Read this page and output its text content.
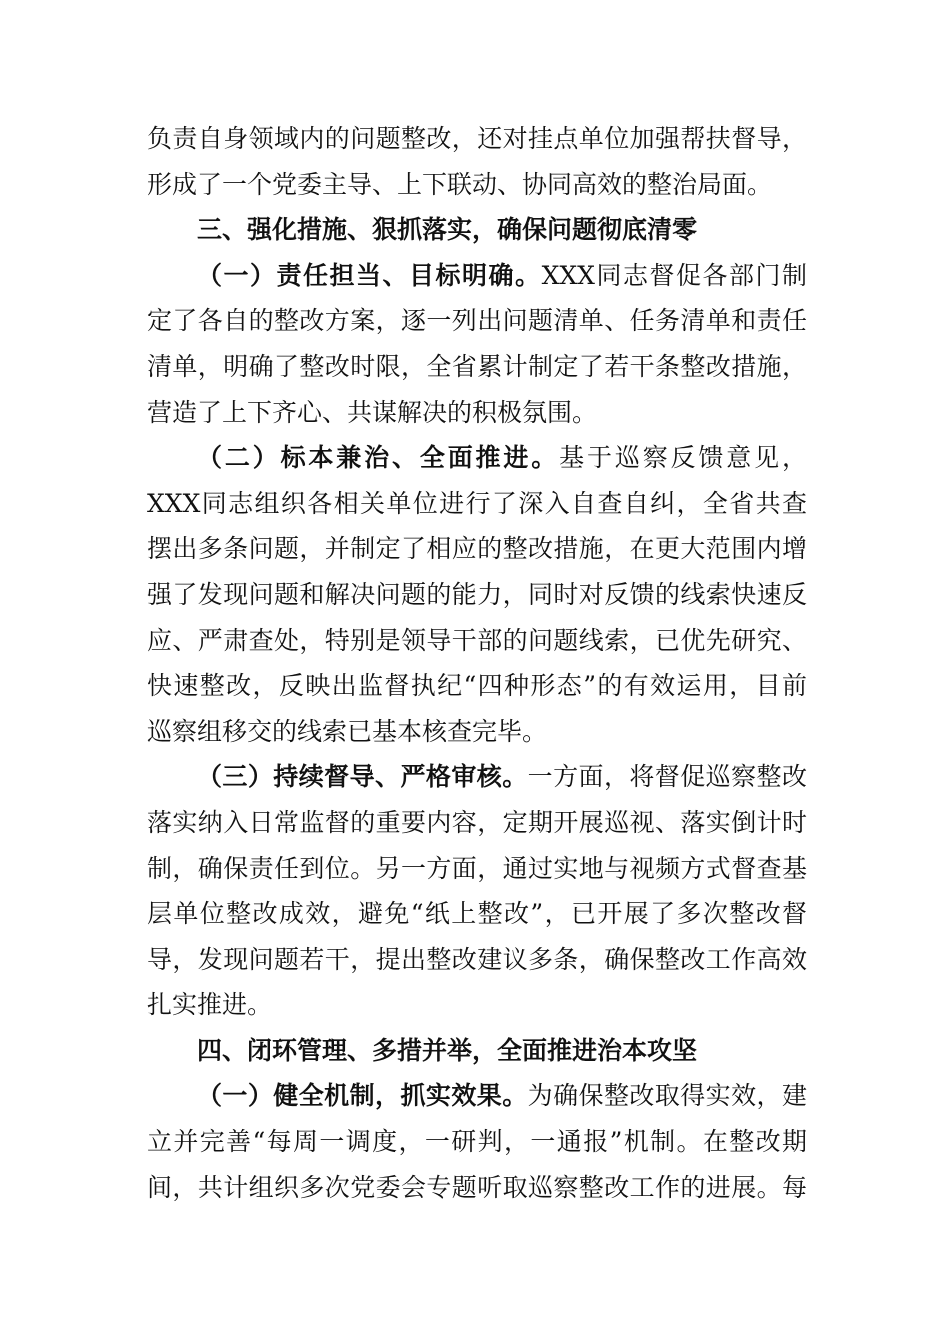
负责自身领域内的问题整改，还对挂点单位加强帮扶督导，
形成了一个党委主导、上下联动、协同高效的整治局面。
三、强化措施、狠抓落实，确保问题彻底清零
（一）责任担当、目标明确。XXX同志督促各部门制
定了各自的整改方案，逐一列出问题清单、任务清单和责任
清单，明确了整改时限，全省累计制定了若干条整改措施，
营造了上下齐心、共谋解决的积极氛围。
（二）标本兼治、全面推进。基于巡察反馈意见，
XXX同志组织各相关单位进行了深入自查自纠，全省共查
摆出多条问题，并制定了相应的整改措施，在更大范围内增
强了发现问题和解决问题的能力，同时对反馈的线索快速反
应、严肃查处，特别是领导干部的问题线索，已优先研究、
快速整改，反映出监督执纪“四种形态”的有效运用，目前
巡察组移交的线索已基本核查完毕。
（三）持续督导、严格审核。一方面，将督促巡察整改
落实纳入日常监督的重要内容，定期开展巡视、落实倒计时
制，确保责任到位。另一方面，通过实地与视频方式督查基
层单位整改成效，避免“纸上整改”，已开展了多次整改督
导，发现问题若干，提出整改建议多条，确保整改工作高效
扎实推进。
四、闭环管理、多措并举，全面推进治本攻坚
（一）健全机制，抓实效果。为确保整改取得实效，建
立并完善“每周一调度，一研判，一通报”机制。在整改期
间，共计组织多次党委会专题听取巡察整改工作的进展。每
